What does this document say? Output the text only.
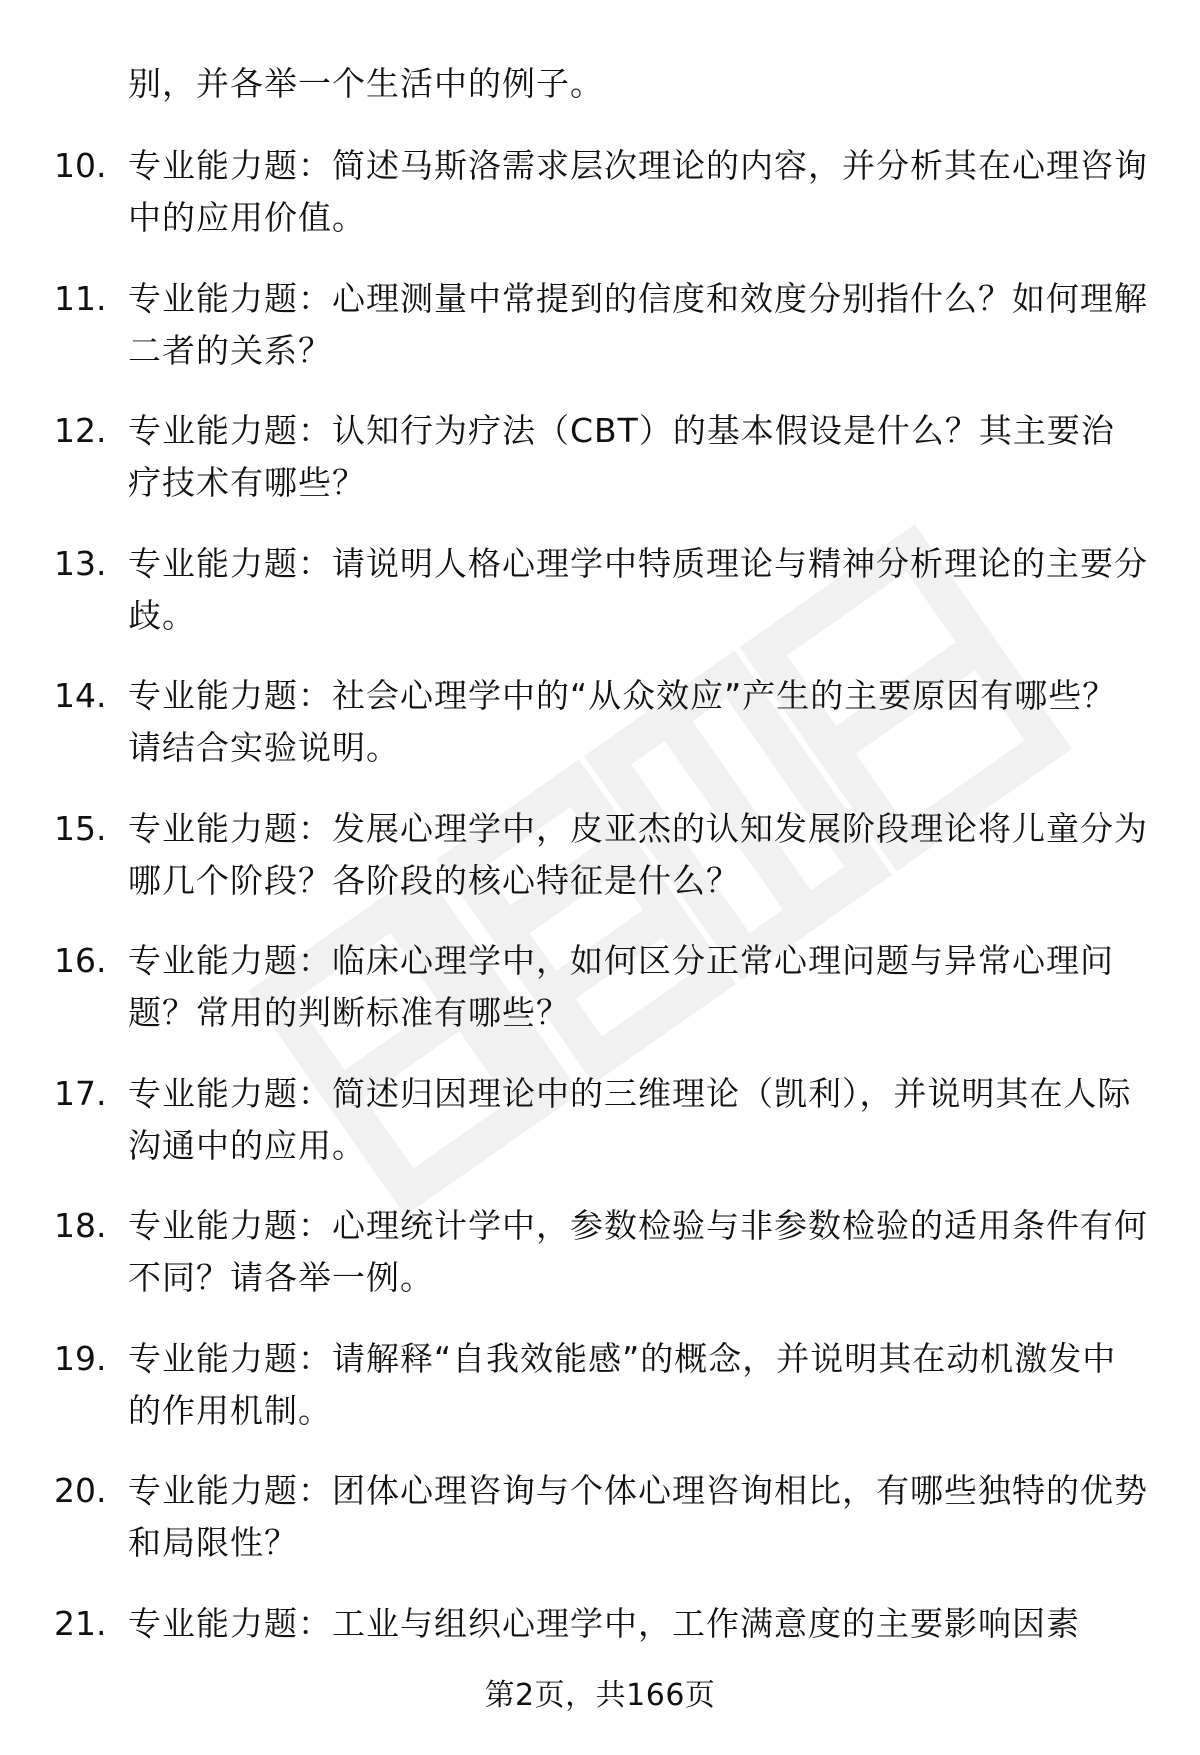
别，并各举一个生活中的例子。

10. 专业能力题：简述马斯洛需求层次理论的内容，并分析其在心理咨询中的应用价值。
11. 专业能力题：心理测量中常提到的信度和效度分别指什么？如何理解二者的关系？
12. 专业能力题：认知行为疗法（CBT）的基本假设是什么？其主要治疗技术有哪些？
13. 专业能力题：请说明人格心理学中特质理论与精神分析理论的主要分歧。
14. 专业能力题：社会心理学中的“从众效应”产生的主要原因有哪些？请结合实验说明。
15. 专业能力题：发展心理学中，皮亚杰的认知发展阶段理论将儿童分为哪几个阶段？各阶段的核心特征是什么？
16. 专业能力题：临床心理学中，如何区分正常心理问题与异常心理问题？常用的判断标准有哪些？
17. 专业能力题：简述归因理论中的三维理论（凯利），并说明其在人际沟通中的应用。
18. 专业能力题：心理统计学中，参数检验与非参数检验的适用条件有何不同？请各举一例。
19. 专业能力题：请解释“自我效能感”的概念，并说明其在动机激发中的作用机制。
20. 专业能力题：团体心理咨询与个体心理咨询相比，有哪些独特的优势和局限性？
21. 专业能力题：工业与组织心理学中，工作满意度的主要影响因素
第2页，共166页
